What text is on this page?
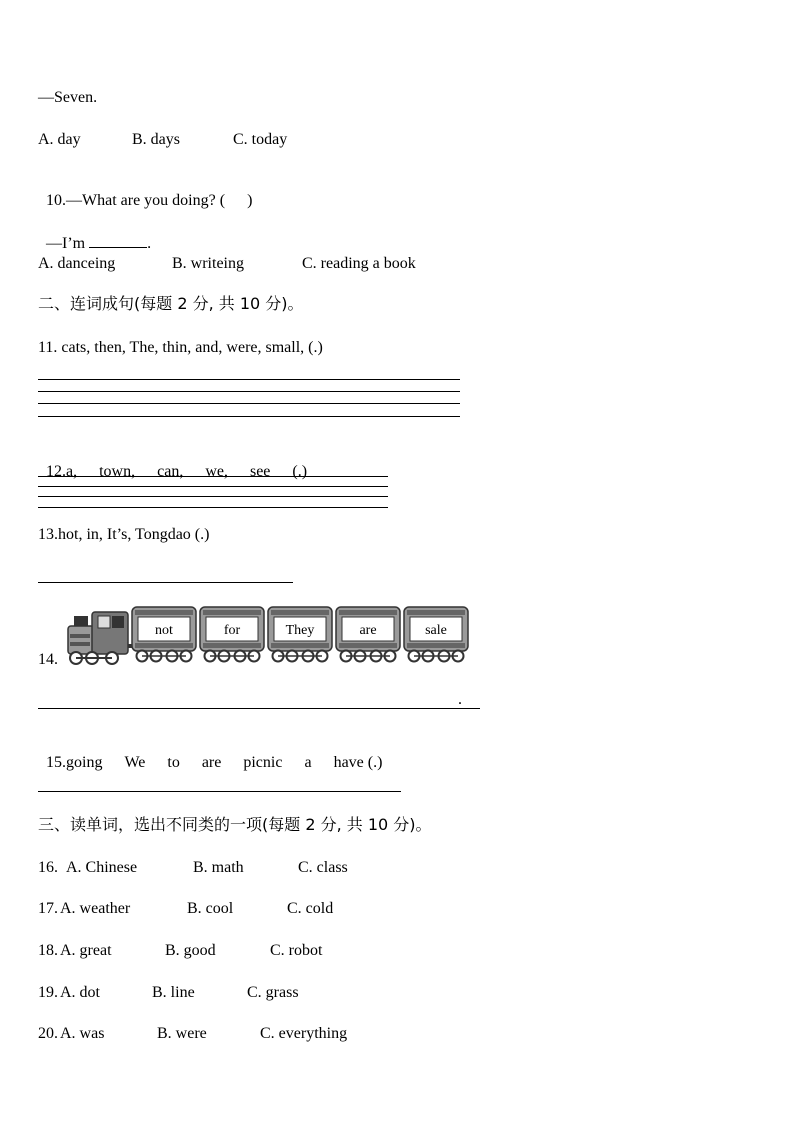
—Seven.
A. day	B. days	C. today

10.—What are you doing? ( )

—I’m	.

A. danceing	B. writeing	C. reading a book
二、连词成句(每题 2 分, 共 10 分)。
11. cats, then, The, thin, and, were, small, (.)

12.a, town, can, we, see (.)

13.hot, in, It’s, Tongdao (.)
14.
not	for	They	are	sale
.

15.going We to are picnic a have (.)

三、读单词，选出不同类的一项(每题 2 分, 共 10 分)。
16. A. Chinese	B. math	C. class
17. A. weather	B. cool	C. cold
18. A. great	B. good	C. robot
19. A. dot	B. line	C. grass
20. A. was	B. were	C. everything
